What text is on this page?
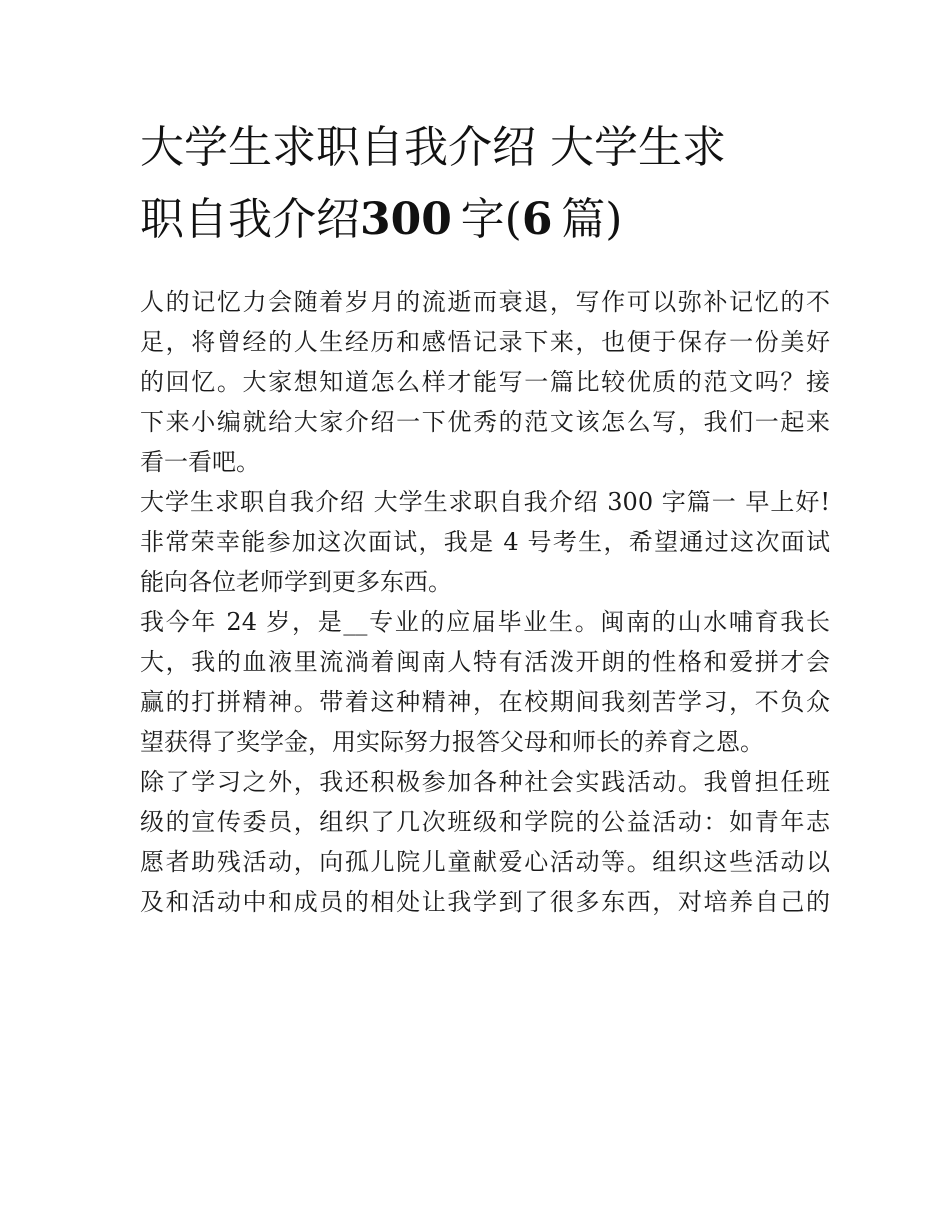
大学生求职自我介绍 大学生求
职自我介绍300  字(6  篇)

人的记忆力会随着岁月的流逝而衰退，写作可以弥补记忆的不
足，将曾经的人生经历和感悟记录下来，也便于保存一份美好
的回忆。大家想知道怎么样才能写一篇比较优质的范文吗？接
下来小编就给大家介绍一下优秀的范文该怎么写，我们一起来
看一看吧。

大学生求职自我介绍 大学生求职自我介绍 300 字篇一 早上好!
非常荣幸能参加这次面试，我是 4 号考生，希望通过这次面试
能向各位老师学到更多东西。

我今年 24 岁，是__专业的应届毕业生。闽南的山水哺育我长
大，我的血液里流淌着闽南人特有活泼开朗的性格和爱拼才会
赢的打拼精神。带着这种精神，在校期间我刻苦学习，不负众
望获得了奖学金，用实际努力报答父母和师长的养育之恩。

除了学习之外，我还积极参加各种社会实践活动。我曾担任班
级的宣传委员，组织了几次班级和学院的公益活动：如青年志
愿者助残活动，向孤儿院儿童献爱心活动等。组织这些活动以
及和活动中和成员的相处让我学到了很多东西，对培养自己的
